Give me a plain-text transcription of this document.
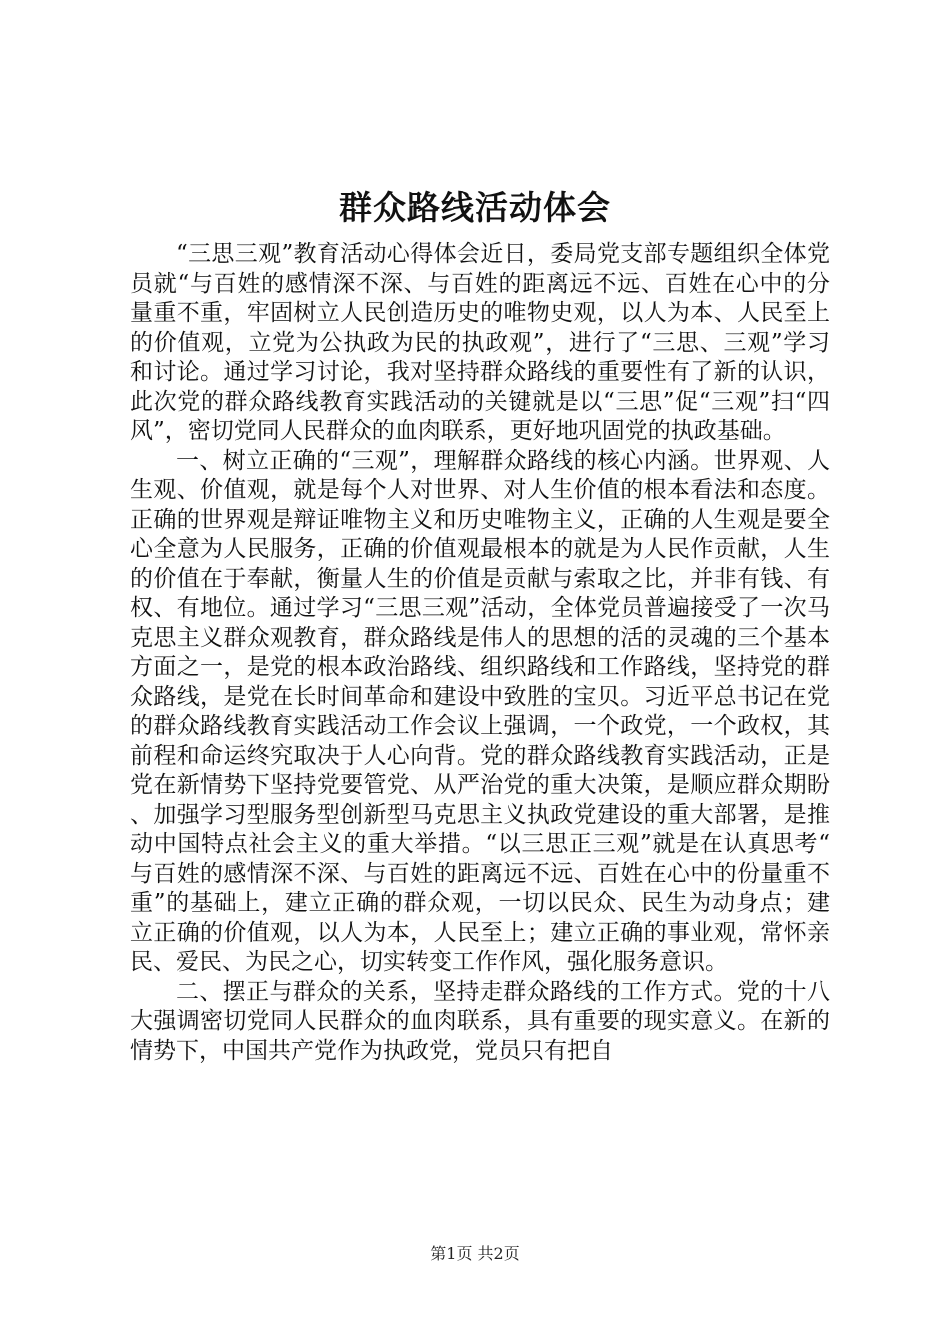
群众路线活动体会

“三思三观”教育活动心得体会近日，委局党支部专题组织全体党员就“与百姓的感情深不深、与百姓的距离远不远、百姓在心中的分量重不重，牢固树立人民创造历史的唯物史观，以人为本、人民至上的价值观，立党为公执政为民的执政观”，进行了“三思、三观”学习和讨论。通过学习讨论，我对坚持群众路线的重要性有了新的认识，此次党的群众路线教育实践活动的关键就是以“三思”促“三观”扫“四风”，密切党同人民群众的血肉联系，更好地巩固党的执政基础。

一、树立正确的“三观”，理解群众路线的核心内涵。世界观、人生观、价值观，就是每个人对世界、对人生价值的根本看法和态度。正确的世界观是辩证唯物主义和历史唯物主义，正确的人生观是要全心全意为人民服务，正确的价值观最根本的就是为人民作贡献，人生的价值在于奉献，衡量人生的价值是贡献与索取之比，并非有钱、有权、有地位。通过学习“三思三观”活动，全体党员普遍接受了一次马克思主义群众观教育，群众路线是伟人的思想的活的灵魂的三个基本方面之一，是党的根本政治路线、组织路线和工作路线，坚持党的群众路线，是党在长时间革命和建设中致胜的宝贝。习近平总书记在党的群众路线教育实践活动工作会议上强调，一个政党，一个政权，其前程和命运终究取决于人心向背。党的群众路线教育实践活动，正是党在新情势下坚持党要管党、从严治党的重大决策，是顺应群众期盼、加强学习型服务型创新型马克思主义执政党建设的重大部署，是推动中国特点社会主义的重大举措。“以三思正三观”就是在认真思考“与百姓的感情深不深、与百姓的距离远不远、百姓在心中的份量重不重”的基础上，建立正确的群众观，一切以民众、民生为动身点；建立正确的价值观，以人为本，人民至上；建立正确的事业观，常怀亲民、爱民、为民之心，切实转变工作作风，强化服务意识。

二、摆正与群众的关系，坚持走群众路线的工作方式。党的十八大强调密切党同人民群众的血肉联系，具有重要的现实意义。在新的情势下，中国共产党作为执政党，党员只有把自

第1页 共2页
